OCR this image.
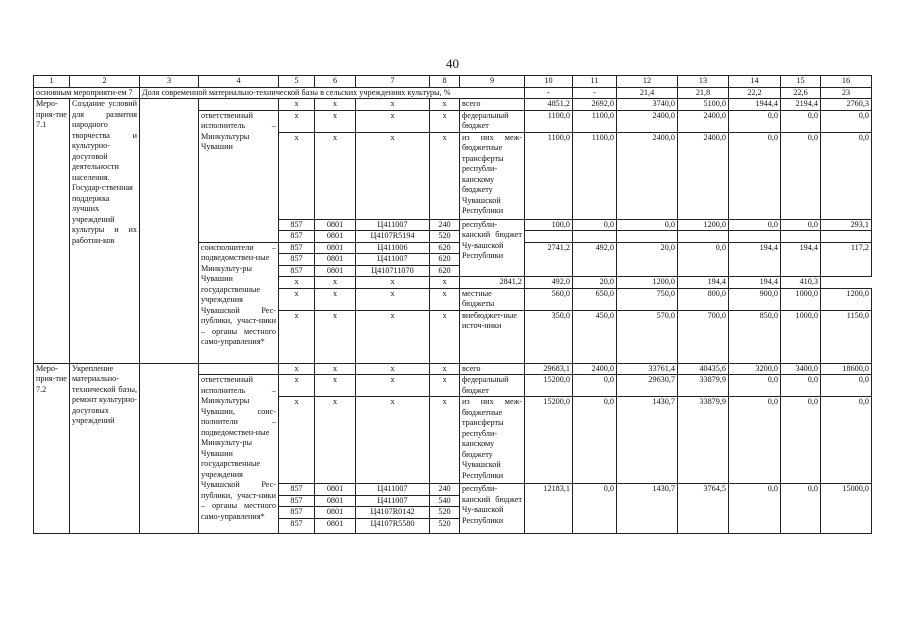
40
1	2	3	4	5	6	7	8	9	10	11	12	13	14	15	16
основным мероприяти-ем 7		Доля современной материально-технической базы в сельских учреждениях культуры, %							-	-	21,4	21,8	22,2	22,6	23
Меро-прия-тие 7.1	Создание условий для развития народного творчества и культурно-досуговой деятельности населения. Государ-ственная поддержка лучших учреждений культуры и их работни-ков			x	x	x	x	всего	4851,2	2692,0	3740,0	5100,0	1944,4	2194,4	2760,3
			ответственный исполнитель – Минкультуры Чувашии	x	x	x	x	федеральный бюджет	1100,0	1100,0	2400,0	2400,0	0,0	0,0	0,0
				x	x	x	x	из них меж-бюджетные трансферты республи-канскому бюджету Чувашской Республики	1100,0	1100,0	2400,0	2400,0	0,0	0,0	0,0
				857	0801	Ц411007	240	республи-канский бюджет Чу-вашской Республики	100,0	0,0	0,0	1200,0	0,0	0,0	293,1
				857	0801	Ц4107R5194	520								
			соисполнители – подведомствен-ные Минкульту-ры Чувашии государственные учреждения Чувашской Рес-публики, участ-ники – органы местного само-управления*	857	0801	Ц411006	620		2741,2	492,0	20,0	0,0	194,4	194,4	117,2
				857	0801	Ц411007	620								
				857	0801	Ц410711070	620								
				x	x	x	x	2841,2	492,0	20,0	1200,0	194,4	194,4	410,3	
				x	x	x	x	местные бюджеты	560,0	650,0	750,0	800,0	900,0	1000,0	1200,0
				x	x	x	x	внебюджет-ные источ-ники	350,0	450,0	570,0	700,0	850,0	1000,0	1150,0
Меро-прия-тие 7.2	Укрепление материально-технической базы, ремонт культурно-досуговых учреждений			x	x	x	x	всего	29683,1	2400,0	33761,4	40435,6	3200,0	3400,0	18600,0
			ответственный исполнитель – Минкультуры Чувашии, соис-полнители – подведомствен-ные Минкульту-ры Чувашии государственные учреждения Чувашской Рес-публики, участ-ники – органы местного само-управления*	x	x	x	x	федеральный бюджет	15200,0	0,0	29630,7	33879,9	0,0	0,0	0,0
				x	x	x	x	из них меж-бюджетные трансферты республи-канскому бюджету Чувашской Республики	15200,0	0,0	1430,7	33879,9	0,0	0,0	0,0
				857	0801	Ц411007	240	республи-канский бюджет Чу-вашской Республики	12183,1	0,0	1430,7	3764,5	0,0	0,0	15000,0
				857	0801	Ц411007	540								
				857	0801	Ц4107R0142	520								
				857	0801	Ц4107R5580	520								
